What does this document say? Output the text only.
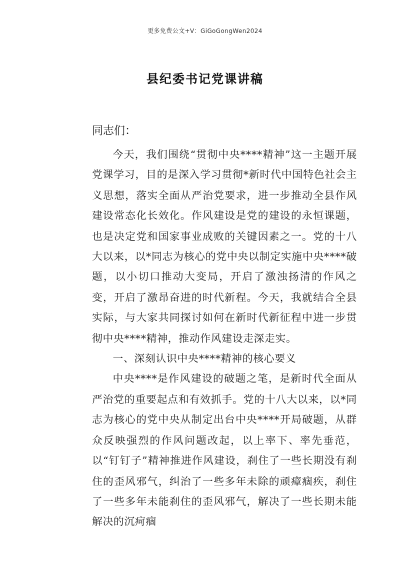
更多免费公文+V：GiGoGongWen2024
县纪委书记党课讲稿

同志们：

今天，我们围绕“贯彻中央****精神”这一主题开展党课学习，目的是深入学习贯彻*新时代中国特色社会主义思想，落实全面从严治党要求，进一步推动全县作风建设常态化长效化。作风建设是党的建设的永恒课题，也是决定党和国家事业成败的关键因素之一。党的十八大以来，以*同志为核心的党中央以制定实施中央****破题，以小切口推动大变局，开启了激浊扬清的作风之变，开启了激昂奋进的时代新程。今天，我就结合全县实际，与大家共同探讨如何在新时代新征程中进一步贯彻中央****精神，推动作风建设走深走实。

一、深刻认识中央****精神的核心要义

中央****是作风建设的破题之笔，是新时代全面从严治党的重要起点和有效抓手。党的十八大以来，以*同志为核心的党中央从制定出台中央****开局破题，从群众反映强烈的作风问题改起，以上率下、率先垂范，以“钉钉子”精神推进作风建设，刹住了一些长期没有刹住的歪风邪气，纠治了一些多年未除的顽瘴痼疾，刹住了一些多年未能刹住的歪风邪气，解决了一些长期未能解决的沉疴痼
